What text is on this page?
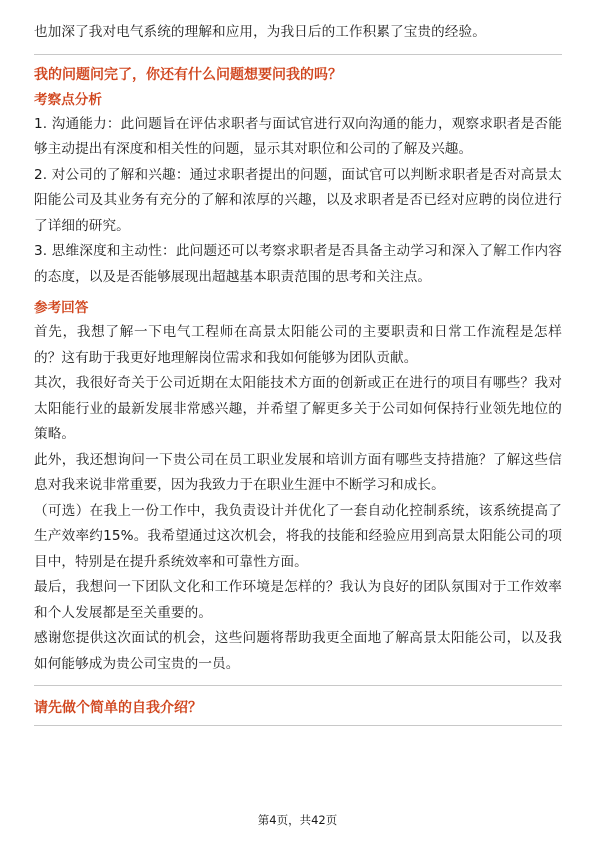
也加深了我对电气系统的理解和应用，为我日后的工作积累了宝贵的经验。

我的问题问完了，你还有什么问题想要问我的吗？

考察点分析

1. 沟通能力：此问题旨在评估求职者与面试官进行双向沟通的能力，观察求职者是否能够主动提出有深度和相关性的问题，显示其对职位和公司的了解及兴趣。

2. 对公司的了解和兴趣：通过求职者提出的问题，面试官可以判断求职者是否对高景太阳能公司及其业务有充分的了解和浓厚的兴趣，以及求职者是否已经对应聘的岗位进行了详细的研究。

3. 思维深度和主动性：此问题还可以考察求职者是否具备主动学习和深入了解工作内容的态度，以及是否能够展现出超越基本职责范围的思考和关注点。

参考回答

首先，我想了解一下电气工程师在高景太阳能公司的主要职责和日常工作流程是怎样的？这有助于我更好地理解岗位需求和我如何能够为团队贡献。

其次，我很好奇关于公司近期在太阳能技术方面的创新或正在进行的项目有哪些？我对太阳能行业的最新发展非常感兴趣，并希望了解更多关于公司如何保持行业领先地位的策略。

此外，我还想询问一下贵公司在员工职业发展和培训方面有哪些支持措施？了解这些信息对我来说非常重要，因为我致力于在职业生涯中不断学习和成长。

（可选）在我上一份工作中，我负责设计并优化了一套自动化控制系统，该系统提高了生产效率约15%。我希望通过这次机会，将我的技能和经验应用到高景太阳能公司的项目中，特别是在提升系统效率和可靠性方面。

最后，我想问一下团队文化和工作环境是怎样的？我认为良好的团队氛围对于工作效率和个人发展都是至关重要的。

感谢您提供这次面试的机会，这些问题将帮助我更全面地了解高景太阳能公司，以及我如何能够成为贵公司宝贵的一员。

请先做个简单的自我介绍？

第4页，共42页
